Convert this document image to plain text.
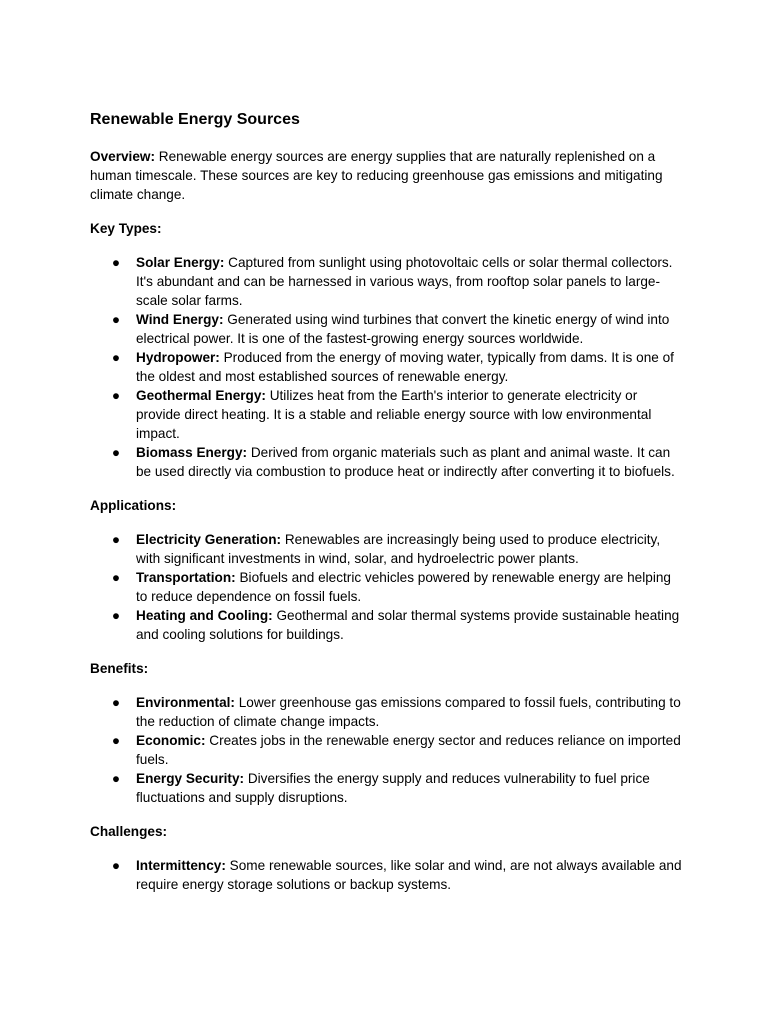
Renewable Energy Sources

Overview: Renewable energy sources are energy supplies that are naturally replenished on a human timescale. These sources are key to reducing greenhouse gas emissions and mitigating climate change.

Key Types:
● Solar Energy: Captured from sunlight using photovoltaic cells or solar thermal collectors. It's abundant and can be harnessed in various ways, from rooftop solar panels to large-scale solar farms.
● Wind Energy: Generated using wind turbines that convert the kinetic energy of wind into electrical power. It is one of the fastest-growing energy sources worldwide.
● Hydropower: Produced from the energy of moving water, typically from dams. It is one of the oldest and most established sources of renewable energy.
● Geothermal Energy: Utilizes heat from the Earth's interior to generate electricity or provide direct heating. It is a stable and reliable energy source with low environmental impact.
● Biomass Energy: Derived from organic materials such as plant and animal waste. It can be used directly via combustion to produce heat or indirectly after converting it to biofuels.
Applications:
● Electricity Generation: Renewables are increasingly being used to produce electricity, with significant investments in wind, solar, and hydroelectric power plants.
● Transportation: Biofuels and electric vehicles powered by renewable energy are helping to reduce dependence on fossil fuels.
● Heating and Cooling: Geothermal and solar thermal systems provide sustainable heating and cooling solutions for buildings.
Benefits:
● Environmental: Lower greenhouse gas emissions compared to fossil fuels, contributing to the reduction of climate change impacts.
● Economic: Creates jobs in the renewable energy sector and reduces reliance on imported fuels.
● Energy Security: Diversifies the energy supply and reduces vulnerability to fuel price fluctuations and supply disruptions.
Challenges:
● Intermittency: Some renewable sources, like solar and wind, are not always available and require energy storage solutions or backup systems.
